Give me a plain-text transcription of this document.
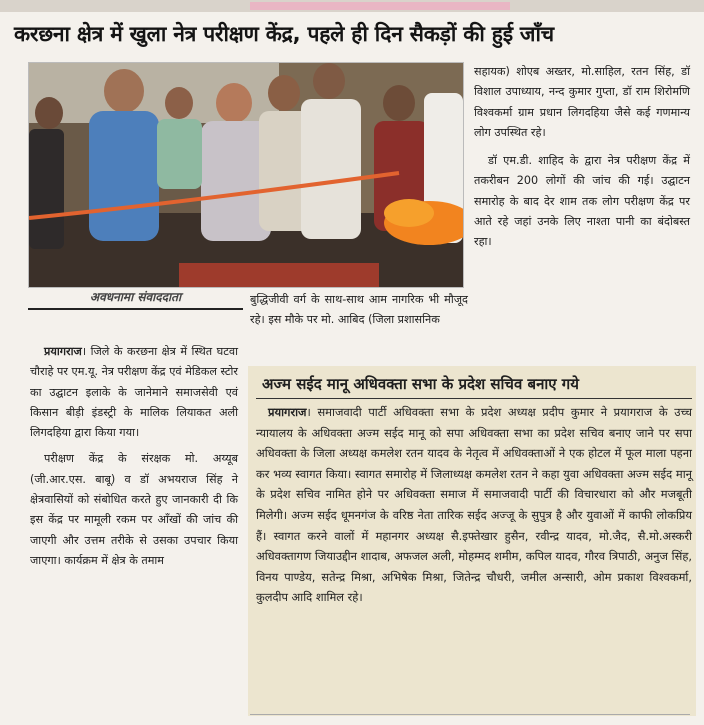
करछना क्षेत्र में खुला नेत्र परीक्षण केंद्र, पहले ही दिन सैकड़ों की हुई जाँच
अवधनामा संवाददाता

प्रयागराज। जिले के करछना क्षेत्र में स्थित घटवा चौराहे पर एम.यू. नेत्र परीक्षण केंद्र एवं मेडिकल स्टोर का उद्घाटन इलाके के जानेमाने समाजसेवी एवं किसान बीड़ी इंडस्ट्री के मालिक लियाकत अली लिगदहिया द्वारा किया गया।

परीक्षण केंद्र के संरक्षक मो. अय्यूब (जी.आर.एस. बाबू) व डॉ अभयराज सिंह ने क्षेत्रवासियों को संबोधित करते हुए जानकारी दी कि इस केंद्र पर मामूली रकम पर आँखों की जांच की जाएगी और उत्तम तरीके से उसका उपचार किया जाएगा। कार्यक्रम में क्षेत्र के तमाम

बुद्धिजीवी वर्ग के साथ-साथ आम नागरिक भी मौजूद रहे। इस मौके पर मो. आबिद (जिला प्रशासनिक

सहायक) शोएब अख्तर, मो.साहिल, रतन सिंह, डॉ विशाल उपाध्याय, नन्द कुमार गुप्ता, डॉ राम शिरोमणि विश्वकर्मा ग्राम प्रधान लिगदहिया जैसे कई गणमान्य लोग उपस्थित रहे।

डॉ एम.डी. शाहिद के द्वारा नेत्र परीक्षण केंद्र में तकरीबन 200 लोगों की जांच की गई। उद्घाटन समारोह के बाद देर शाम तक लोग परीक्षण केंद्र पर आते रहे जहां उनके लिए नाश्ता पानी का बंदोबस्त रहा।

अज्म सईद मानू अधिवक्ता सभा के प्रदेश सचिव बनाए गये

प्रयागराज। समाजवादी पार्टी अधिवक्ता सभा के प्रदेश अध्यक्ष प्रदीप कुमार ने प्रयागराज के उच्च न्यायालय के अधिवक्ता अज्म सईद मानू को सपा अधिवक्ता सभा का प्रदेश सचिव बनाए जाने पर सपा अधिवक्ता के जिला अध्यक्ष कमलेश रतन यादव के नेतृत्व में अधिवक्ताओं ने एक होटल में फूल माला पहना कर भव्य स्वागत किया। स्वागत समारोह में जिलाध्यक्ष कमलेश रतन ने कहा युवा अधिवक्ता अज्म सईद मानू के प्रदेश सचिव नामित होने पर अधिवक्ता समाज में समाजवादी पार्टी की विचारधारा को और मजबूती मिलेगी। अज्म सईद धूमनगंज के वरिष्ठ नेता तारिक सईद अज्जू के सुपुत्र है और युवाओं में काफी लोकप्रिय हैं। स्वागत करने वालों में महानगर अध्यक्ष सै.इफ्तेखार हुसैन, रवीन्द्र यादव, मो.जैद, सै.मो.अस्करी अधिवक्तागण जियाउद्दीन शादाब, अफजल अली, मोहम्मद शमीम, कपिल यादव, गौरव त्रिपाठी, अनुज सिंह, विनय पाण्डेय, सतेन्द्र मिश्रा, अभिषेक मिश्रा, जितेन्द्र चौधरी, जमील अन्सारी, ओम प्रकाश विश्वकर्मा, कुलदीप आदि शामिल रहे।
